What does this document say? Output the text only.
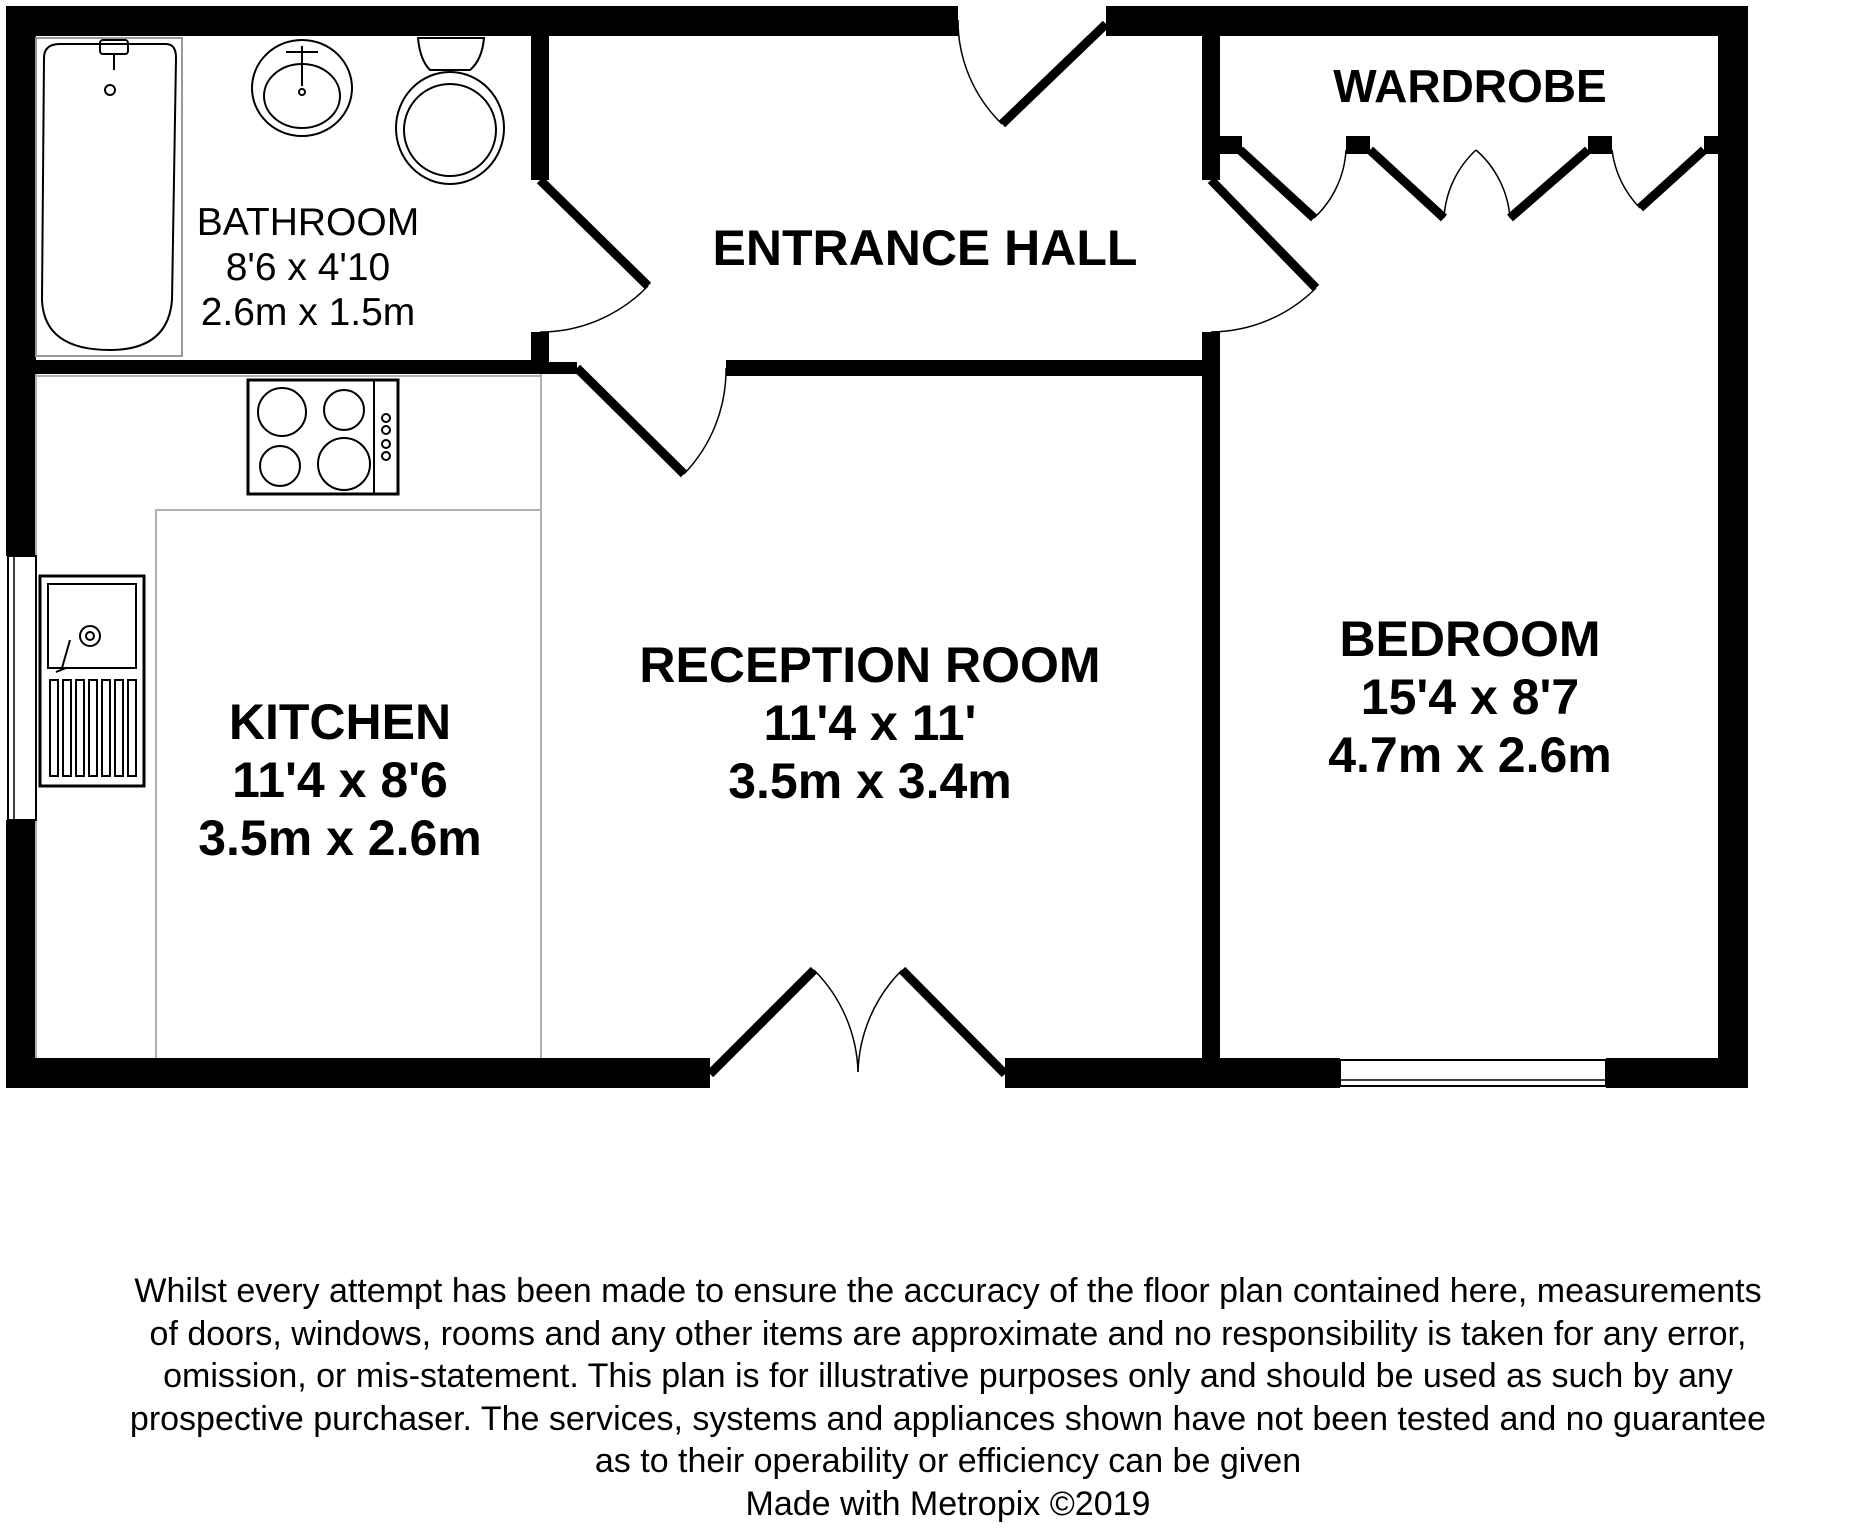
BATHROOM
8'6 x 4'10
2.6m x 1.5m
ENTRANCE HALL
WARDROBE
KITCHEN
11'4 x 8'6
3.5m x 2.6m
RECEPTION ROOM
11'4 x 11'
3.5m x 3.4m
BEDROOM
15'4 x 8'7
4.7m x 2.6m
Whilst every attempt has been made to ensure the accuracy of the floor plan contained here, measurements
of doors, windows, rooms and any other items are approximate and no responsibility is taken for any error,
omission, or mis-statement. This plan is for illustrative purposes only and should be used as such by any
prospective purchaser. The services, systems and appliances shown have not been tested and no guarantee
as to their operability or efficiency can be given
Made with Metropix ©2019
